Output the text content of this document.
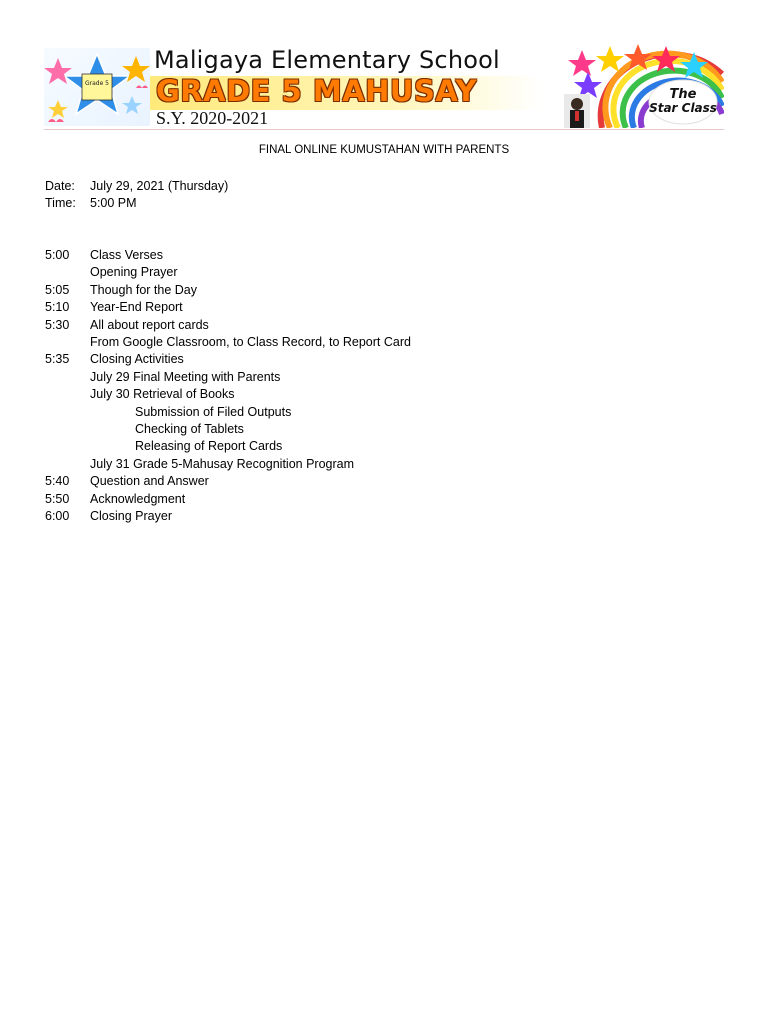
Grade 5
Maligaya Elementary School
GRADE 5 MAHUSAY
S.Y. 2020-2021
The
Star Class
FINAL ONLINE KUMUSTAHAN WITH PARENTS
Date:	July 29, 2021 (Thursday)
Time:	5:00 PM
5:00	Class Verses
Opening Prayer
5:05	Though for the Day
5:10	Year-End Report
5:30	All about report cards
From Google Classroom, to Class Record, to Report Card
5:35	Closing Activities
July 29 Final Meeting with Parents
July 30 Retrieval of Books
Submission of Filed Outputs
Checking of Tablets
Releasing of Report Cards
July 31 Grade 5-Mahusay Recognition Program
5:40	Question and Answer
5:50	Acknowledgment
6:00	Closing Prayer
